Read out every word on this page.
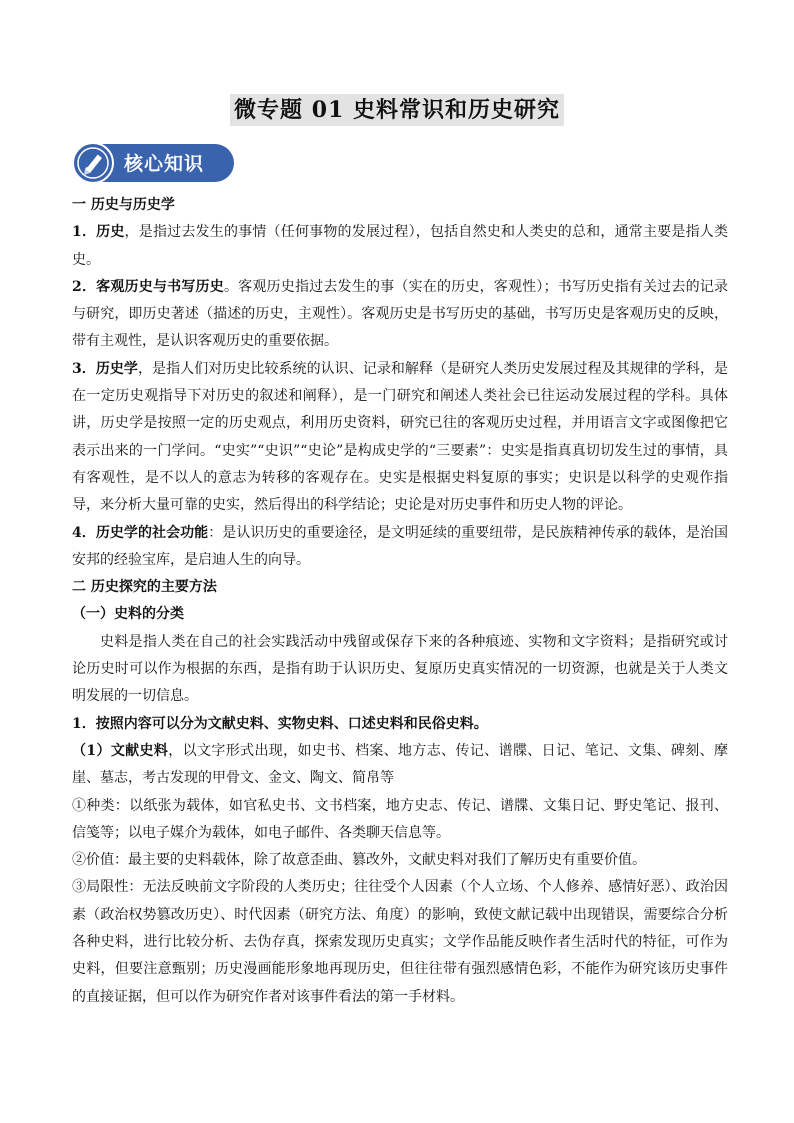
微专题 01 史料常识和历史研究
核心知识

一 历史与历史学

1．历史，是指过去发生的事情（任何事物的发展过程），包括自然史和人类史的总和，通常主要是指人类史。

2．客观历史与书写历史。客观历史指过去发生的事（实在的历史，客观性）；书写历史指有关过去的记录与研究，即历史著述（描述的历史，主观性）。客观历史是书写历史的基础，书写历史是客观历史的反映，带有主观性，是认识客观历史的重要依据。

3．历史学，是指人们对历史比较系统的认识、记录和解释（是研究人类历史发展过程及其规律的学科，是在一定历史观指导下对历史的叙述和阐释），是一门研究和阐述人类社会已往运动发展过程的学科。具体讲，历史学是按照一定的历史观点，利用历史资料，研究已往的客观历史过程，并用语言文字或图像把它表示出来的一门学问。“史实”“史识”“史论”是构成史学的“三要素”：史实是指真真切切发生过的事情，具有客观性，是不以人的意志为转移的客观存在。史实是根据史料复原的事实；史识是以科学的史观作指导，来分析大量可靠的史实，然后得出的科学结论；史论是对历史事件和历史人物的评论。

4．历史学的社会功能：是认识历史的重要途径，是文明延续的重要纽带，是民族精神传承的载体，是治国安邦的经验宝库，是启迪人生的向导。

二 历史探究的主要方法

（一）史料的分类

史料是指人类在自己的社会实践活动中残留或保存下来的各种痕迹、实物和文字资料；是指研究或讨论历史时可以作为根据的东西，是指有助于认识历史、复原历史真实情况的一切资源，也就是关于人类文明发展的一切信息。

1．按照内容可以分为文献史料、实物史料、口述史料和民俗史料。

（1）文献史料，以文字形式出现，如史书、档案、地方志、传记、谱牒、日记、笔记、文集、碑刻、摩崖、墓志，考古发现的甲骨文、金文、陶文、简帛等

①种类：以纸张为载体，如官私史书、文书档案，地方史志、传记、谱牒、文集日记、野史笔记、报刊、信笺等；以电子媒介为载体，如电子邮件、各类聊天信息等。

②价值：最主要的史料载体，除了故意歪曲、篡改外，文献史料对我们了解历史有重要价值。

③局限性：无法反映前文字阶段的人类历史；往往受个人因素（个人立场、个人修养、感情好恶）、政治因素（政治权势篡改历史）、时代因素（研究方法、角度）的影响，致使文献记载中出现错误，需要综合分析各种史料，进行比较分析、去伪存真，探索发现历史真实；文学作品能反映作者生活时代的特征，可作为史料，但要注意甄别；历史漫画能形象地再现历史，但往往带有强烈感情色彩，不能作为研究该历史事件的直接证据，但可以作为研究作者对该事件看法的第一手材料。
